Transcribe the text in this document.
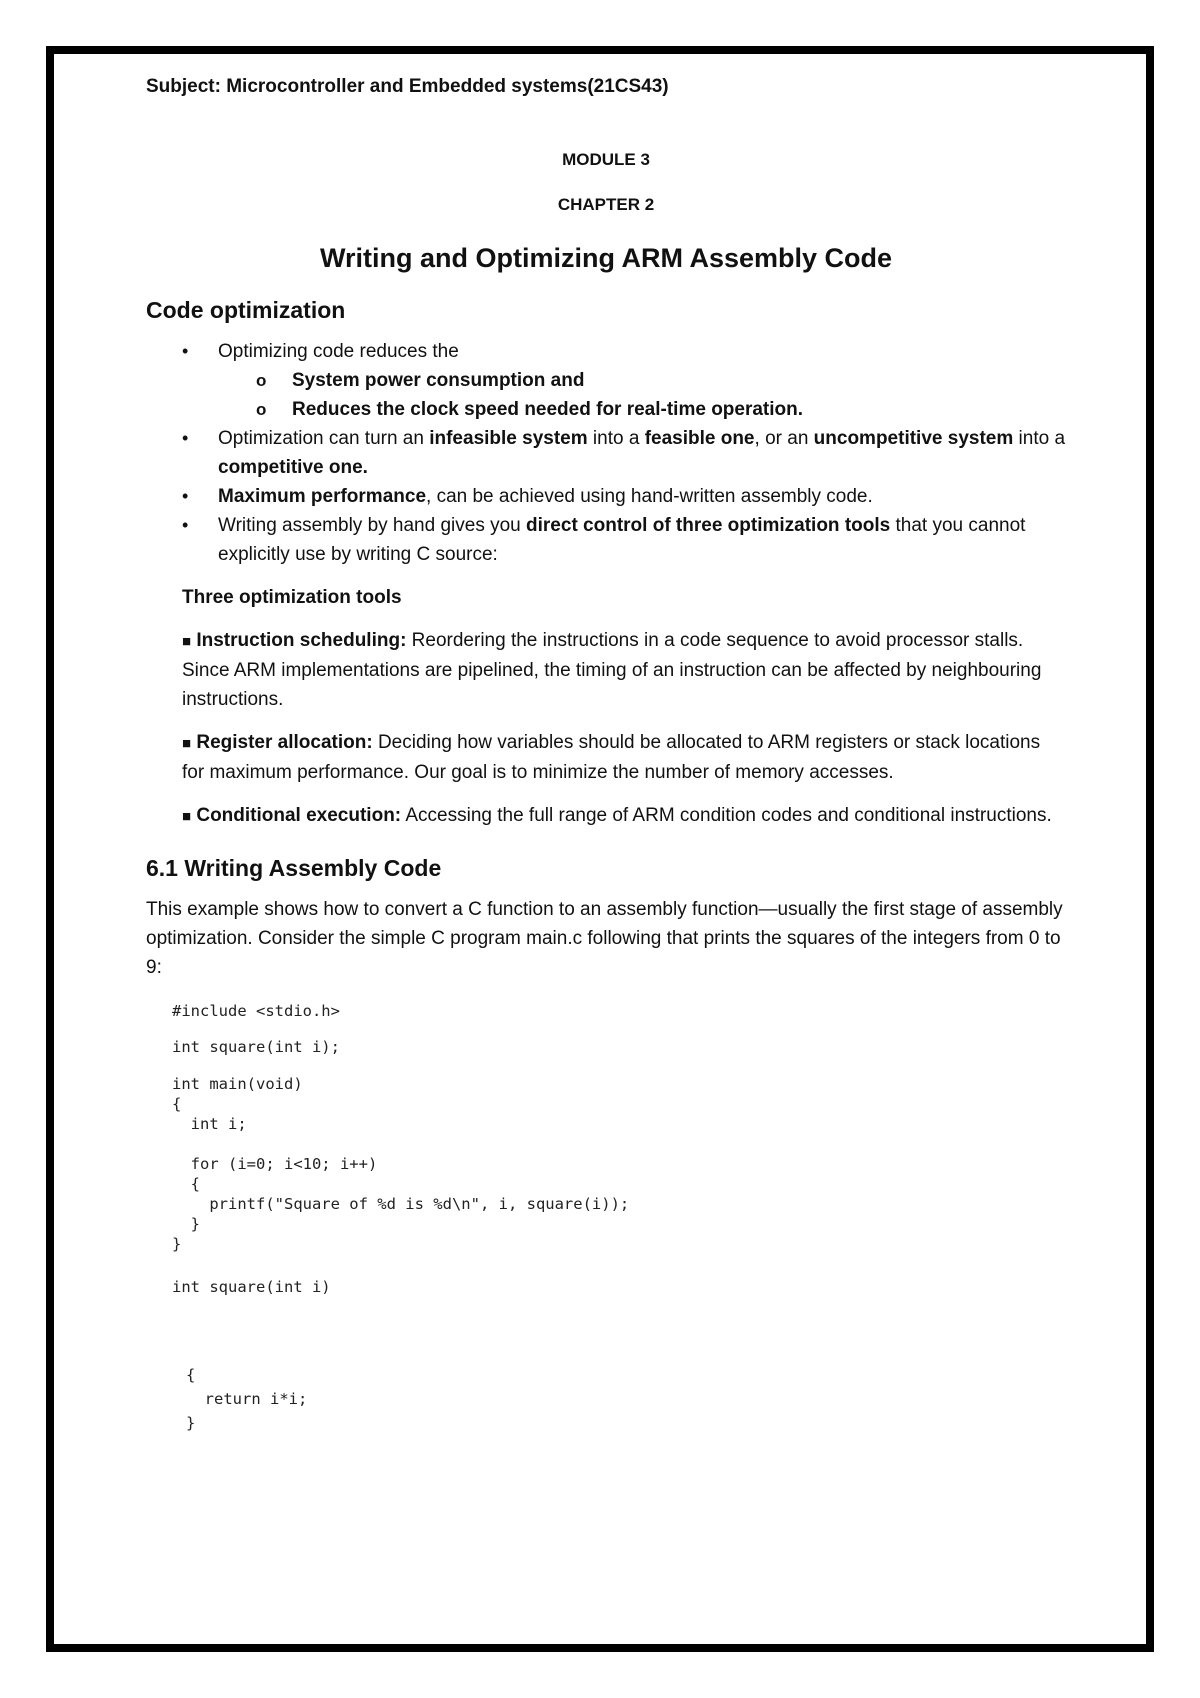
Subject: Microcontroller and Embedded systems(21CS43)

MODULE 3

CHAPTER 2

Writing and Optimizing ARM Assembly Code
Code optimization
• Optimizing code reduces the
o System power consumption and
o Reduces the clock speed needed for real-time operation.
• Optimization can turn an infeasible system into a feasible one, or an uncompetitive system into a competitive one.
• Maximum performance, can be achieved using hand-written assembly code.
• Writing assembly by hand gives you direct control of three optimization tools that you cannot explicitly use by writing C source:

Three optimization tools

■ Instruction scheduling: Reordering the instructions in a code sequence to avoid processor stalls. Since ARM implementations are pipelined, the timing of an instruction can be affected by neighbouring instructions.

■ Register allocation: Deciding how variables should be allocated to ARM registers or stack locations for maximum performance. Our goal is to minimize the number of memory accesses.

■ Conditional execution: Accessing the full range of ARM condition codes and conditional instructions.

6.1 Writing Assembly Code

This example shows how to convert a C function to an assembly function—usually the first stage of assembly optimization. Consider the simple C program main.c following that prints the squares of the integers from 0 to 9:

#include <stdio.h>
int square(int i);
int main(void)
{
int i;

for (i=0; i<10; i++)
{
printf("Square of %d is %d\n", i, square(i));
}
}
int square(int i)
{
return i*i;
}
